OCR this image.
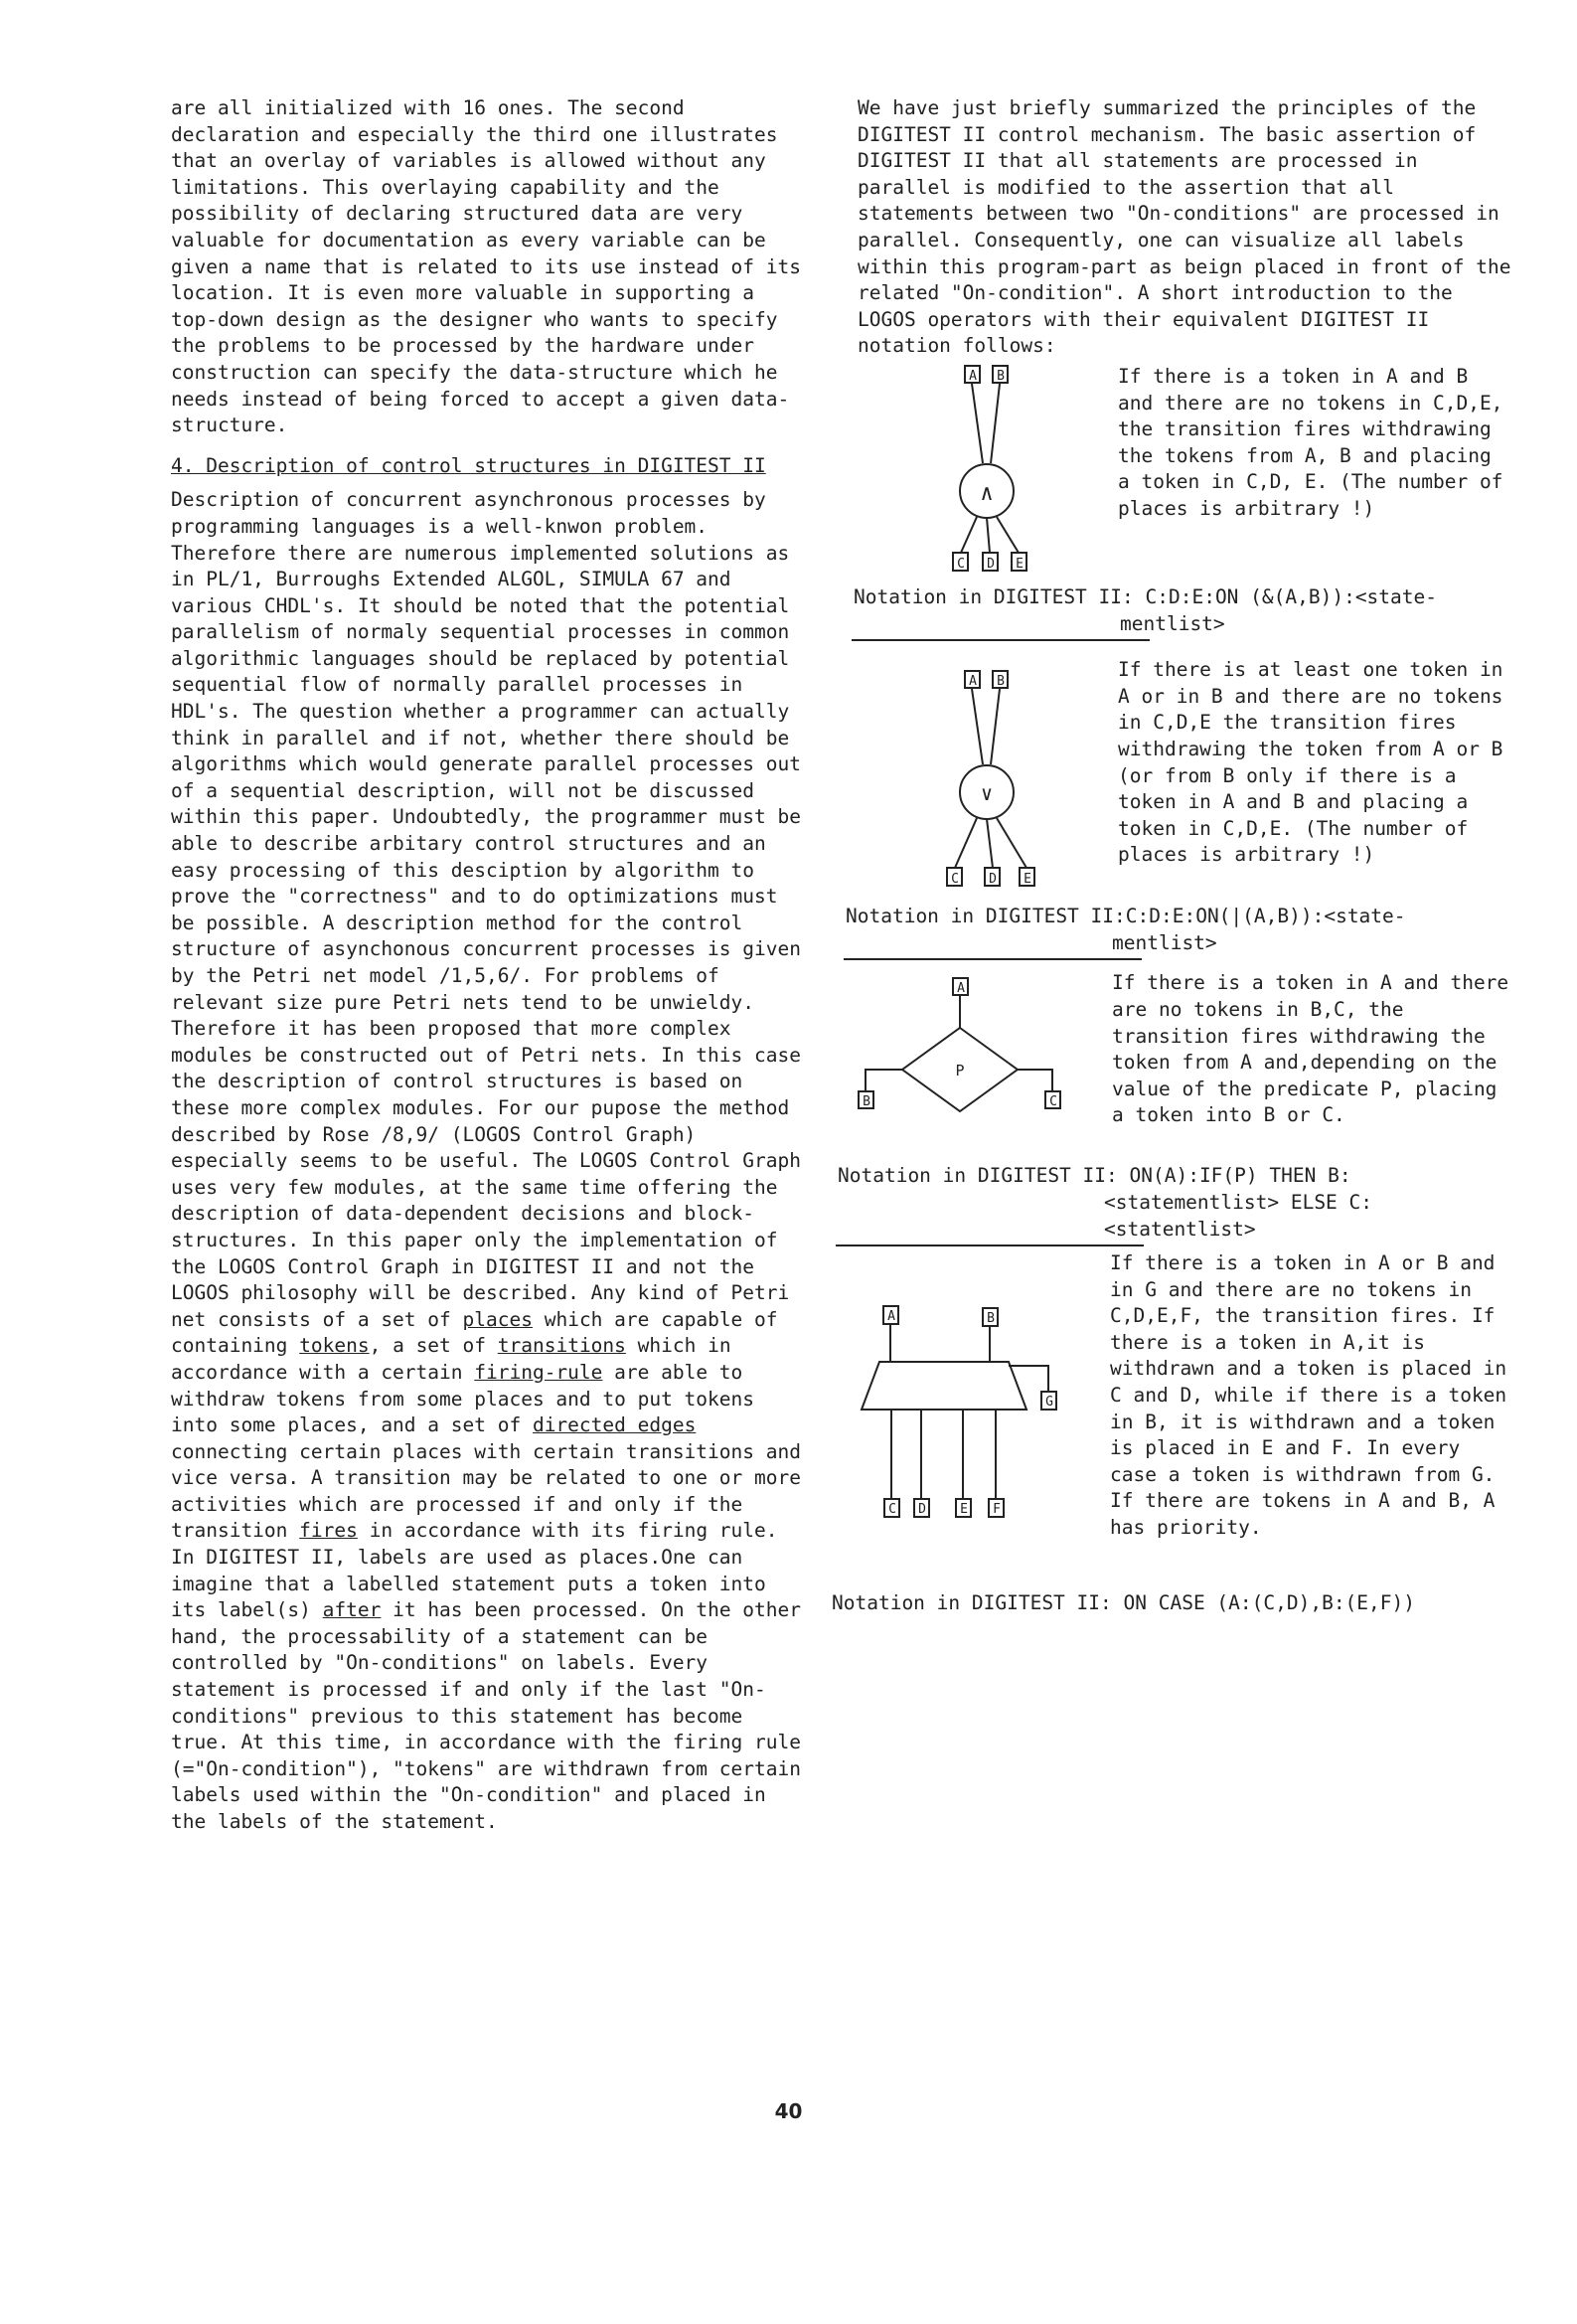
are all initialized with 16 ones. The second declaration and especially the third one illustrates that an overlay of variables is allowed without any limitations. This overlaying capability and the possibility of declaring structured data are very valuable for documentation as every variable can be given a name that is related to its use instead of its location. It is even more valuable in supporting a top-down design as the designer who wants to specify the problems to be processed by the hardware under construction can specify the data-structure which he needs instead of being forced to accept a given data-structure.

4. Description of control structures in DIGITEST II

Description of concurrent asynchronous processes by programming languages is a well-knwon problem. Therefore there are numerous implemented solutions as in PL/1, Burroughs Extended ALGOL, SIMULA 67 and various CHDL's. It should be noted that the potential parallelism of normaly sequential processes in common algorithmic languages should be replaced by potential sequential flow of normally parallel processes in HDL's. The question whether a programmer can actually think in parallel and if not, whether there should be algorithms which would generate parallel processes out of a sequential description, will not be discussed within this paper. Undoubtedly, the programmer must be able to describe arbitary control structures and an easy processing of this desciption by algorithm to prove the "correctness" and to do optimizations must be possible. A description method for the control structure of asynchonous concurrent processes is given by the Petri net model /1,5,6/. For problems of relevant size pure Petri nets tend to be unwieldy. Therefore it has been proposed that more complex modules be constructed out of Petri nets. In this case the description of control structures is based on these more complex modules. For our pupose the method described by Rose /8,9/ (LOGOS Control Graph) especially seems to be useful. The LOGOS Control Graph uses very few modules, at the same time offering the description of data-dependent decisions and block-structures. In this paper only the implementation of the LOGOS Control Graph in DIGITEST II and not the LOGOS philosophy will be described. Any kind of Petri net consists of a set of places which are capable of containing tokens, a set of transitions which in accordance with a certain firing-rule are able to withdraw tokens from some places and to put tokens into some places, and a set of directed edges connecting certain places with certain transitions and vice versa. A transition may be related to one or more activities which are processed if and only if the transition fires in accordance with its firing rule.

In DIGITEST II, labels are used as places.One can imagine that a labelled statement puts a token into its label(s) after it has been processed. On the other hand, the processability of a statement can be controlled by "On-conditions" on labels. Every statement is processed if and only if the last "On-conditions" previous to this statement has become true. At this time, in accordance with the firing rule (="On-condition"), "tokens" are withdrawn from certain labels used within the "On-condition" and placed in the labels of the statement.

We have just briefly summarized the principles of the DIGITEST II control mechanism. The basic assertion of DIGITEST II that all statements are processed in parallel is modified to the assertion that all statements between two "On-conditions" are processed in parallel. Consequently, one can visualize all labels within this program-part as beign placed in front of the related "On-condition". A short introduction to the LOGOS operators with their equivalent DIGITEST II notation follows:

A B
C D E
∧

If there is a token in A and B and there are no tokens in C,D,E, the transition fires withdrawing the tokens from A, B and placing a token in C,D, E. (The number of places is arbitrary !)

Notation in DIGITEST II: C:D:E:ON (&(A,B)):<state-
mentlist>

A B
C D E
∨

If there is at least one token in A or in B and there are no tokens in C,D,E the transition fires withdrawing the token from A or B (or from B only if there is a token in A and B and placing a token in C,D,E. (The number of places is arbitrary !)

Notation in DIGITEST II:C:D:E:ON(|(A,B)):<state-
mentlist>

A
B	C
P

If there is a token in A and there are no tokens in B,C, the transition fires withdrawing the token from A and,depending on the value of the predicate P, placing a token into B or C.

Notation in DIGITEST II: ON(A):IF(P) THEN B:
<statementlist> ELSE C:
<statentlist>

A	B
G
C D	E F

If there is a token in A or B and in G and there are no tokens in C,D,E,F, the transition fires. If there is a token in A,it is withdrawn and a token is placed in C and D, while if there is a token in B, it is withdrawn and a token is placed in E and F. In every case a token is withdrawn from G. If there are tokens in A and B, A has priority.

Notation in DIGITEST II: ON CASE (A:(C,D),B:(E,F))

40
